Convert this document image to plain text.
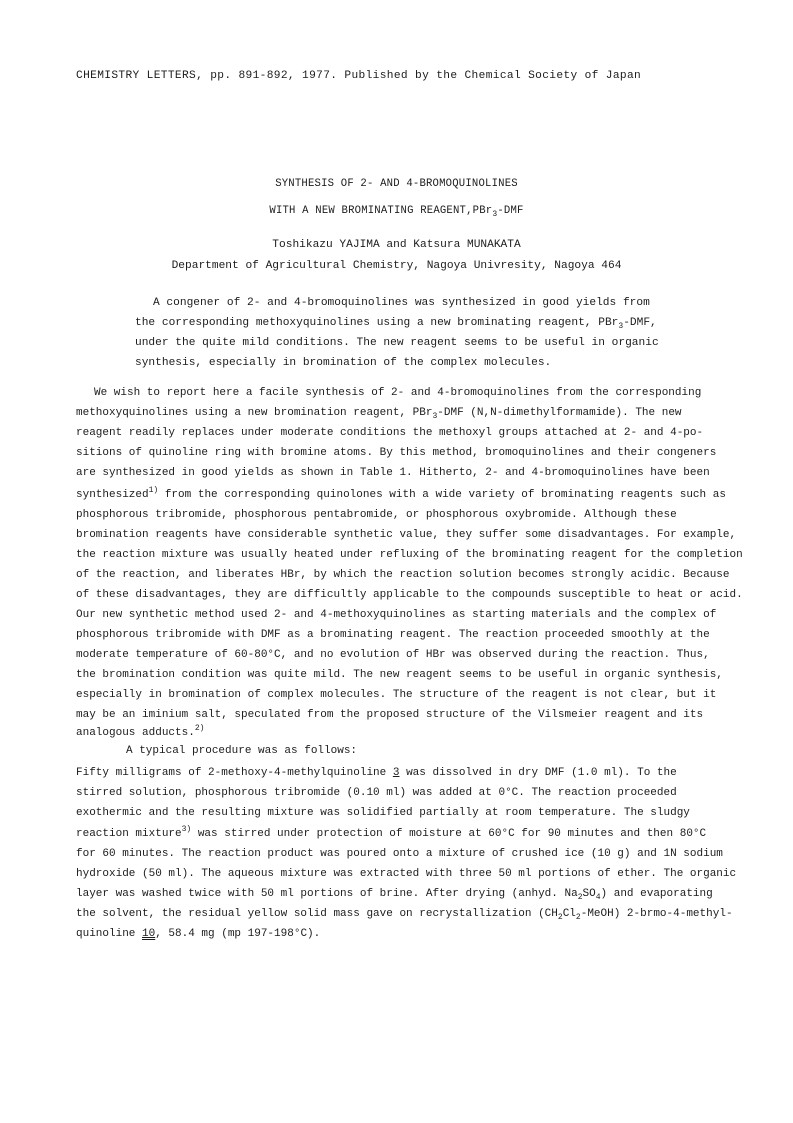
CHEMISTRY LETTERS, pp. 891-892, 1977. Published by the Chemical Society of Japan
SYNTHESIS OF 2- AND 4-BROMOQUINOLINES
WITH A NEW BROMINATING REAGENT,PBr$_3$-DMF
Toshikazu YAJIMA and Katsura MUNAKATA
Department of Agricultural Chemistry, Nagoya Univresity, Nagoya 464
A congener of 2- and 4-bromoquinolines was synthesized in good yields from
the corresponding methoxyquinolines using a new brominating reagent, PBr$_3$-DMF,
under the quite mild conditions. The new reagent seems to be useful in organic
synthesis, especially in bromination of the complex molecules.
We wish to report here a facile synthesis of 2- and 4-bromoquinolines from the corresponding
methoxyquinolines using a new bromination reagent, PBr$_3$-DMF (N,N-dimethylformamide). The new
reagent readily replaces under moderate conditions the methoxyl groups attached at 2- and 4-po-
sitions of quinoline ring with bromine atoms. By this method, bromoquinolines and their congeners
are synthesized in good yields as shown in Table 1. Hitherto, 2- and 4-bromoquinolines have been
synthesized$^{1)}$ from the corresponding quinolones with a wide variety of brominating reagents such as
phosphorous tribromide, phosphorous pentabromide, or phosphorous oxybromide. Although these
bromination reagents have considerable synthetic value, they suffer some disadvantages. For example,
the reaction mixture was usually heated under refluxing of the brominating reagent for the completion
of the reaction, and liberates HBr, by which the reaction solution becomes strongly acidic. Because
of these disadvantages, they are difficultly applicable to the compounds susceptible to heat or acid.
Our new synthetic method used 2- and 4-methoxyquinolines as starting materials and the complex of
phosphorous tribromide with DMF as a brominating reagent. The reaction proceeded smoothly at the
moderate temperature of 60-80°C, and no evolution of HBr was observed during the reaction. Thus,
the bromination condition was quite mild. The new reagent seems to be useful in organic synthesis,
especially in bromination of complex molecules. The structure of the reagent is not clear, but it
may be an iminium salt, speculated from the proposed structure of the Vilsmeier reagent and its
analogous adducts.$^{2)}$
A typical procedure was as follows:
Fifty milligrams of 2-methoxy-4-methylquinoline 3 was dissolved in dry DMF (1.0 ml). To the
stirred solution, phosphorous tribromide (0.10 ml) was added at 0°C. The reaction proceeded
exothermic and the resulting mixture was solidified partially at room temperature. The sludgy
reaction mixture$^{3)}$ was stirred under protection of moisture at 60°C for 90 minutes and then 80°C
for 60 minutes. The reaction product was poured onto a mixture of crushed ice (10 g) and 1N sodium
hydroxide (50 ml). The aqueous mixture was extracted with three 50 ml portions of ether. The organic
layer was washed twice with 50 ml portions of brine. After drying (anhyd. $Na_2SO_4$) and evaporating
the solvent, the residual yellow solid mass gave on recrystallization $(CH_2Cl_2-MeOH)$ 2-brmo-4-methyl-
quinoline 10, 58.4 mg (mp 197-198°C).
